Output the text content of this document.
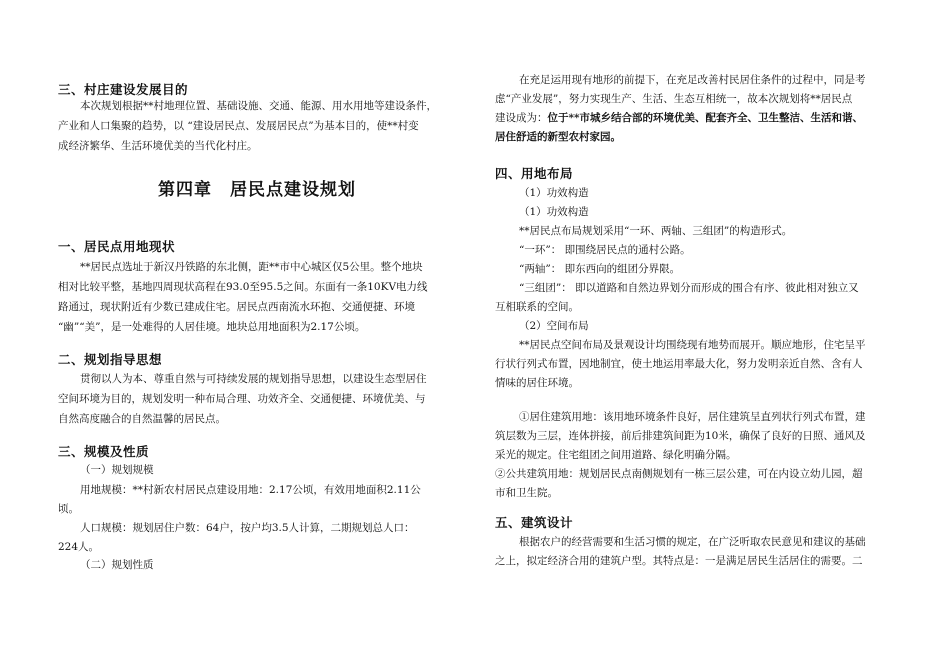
三、村庄建设发展目的
本次规划根据**村地理位置、基础设施、交通、能源、用水用地等建设条件，
产业和人口集聚的趋势，以 “建设居民点、发展居民点”为基本目的，使**村变
成经济繁华、生活环境优美的当代化村庄。
第四章　居民点建设规划
一、居民点用地现状
**居民点选址于新汉丹铁路的东北侧，距**市中心城区仅5公里。整个地块
相对比较平整，基地四周现状高程在93.0至95.5之间。东面有一条10KV电力线
路通过，现状附近有少数已建成住宅。居民点西南流水环抱、交通便捷、环境
“幽”“美”，是一处难得的人居佳境。地块总用地面积为2.17公顷。
二、规划指导思想
贯彻以人为本、尊重自然与可持续发展的规划指导思想，以建设生态型居住
空间环境为目的，规划发明一种布局合理、功效齐全、交通便捷、环境优美、与
自然高度融合的自然温馨的居民点。
三、规模及性质
（一）规划规模
用地规模：**村新农村居民点建设用地：2.17公顷，有效用地面积2.11公
顷。
人口规模：规划居住户数：64户，按户均3.5人计算，二期规划总人口：
224人。
（二）规划性质
在充足运用现有地形的前提下，在充足改善村民居住条件的过程中，同是考
虑“产业发展”，努力实现生产、生活、生态互相统一，故本次规划将**居民点
建设成为：位于**市城乡结合部的环境优美、配套齐全、卫生整洁、生活和谐、
居住舒适的新型农村家园。
四、用地布局
（1）功效构造
（1）功效构造
**居民点布局规划采用“一环、两轴、三组团”的构造形式。
“一环”： 即围绕居民点的通村公路。
“两轴”： 即东西向的组团分界限。
“三组团”： 即以道路和自然边界划分而形成的围合有序、彼此相对独立又
互相联系的空间。
（2）空间布局
**居民点空间布局及景观设计均围绕现有地势而展开。顺应地形，住宅呈平
行状行列式布置，因地制宜，使土地运用率最大化，努力发明亲近自然、含有人
情味的居住环境。
①居住建筑用地：该用地环境条件良好，居住建筑呈直列状行列式布置，建
筑层数为三层，连体拼接，前后排建筑间距为10米，确保了良好的日照、通风及
采光的规定。住宅组团之间用道路、绿化明确分隔。
②公共建筑用地：规划居民点南侧规划有一栋三层公建，可在内设立幼儿园，超
市和卫生院。
五、建筑设计
根据农户的经营需要和生活习惯的规定，在广泛听取农民意见和建议的基础
之上，拟定经济合用的建筑户型。其特点是：一是满足居民生活居住的需要。二
